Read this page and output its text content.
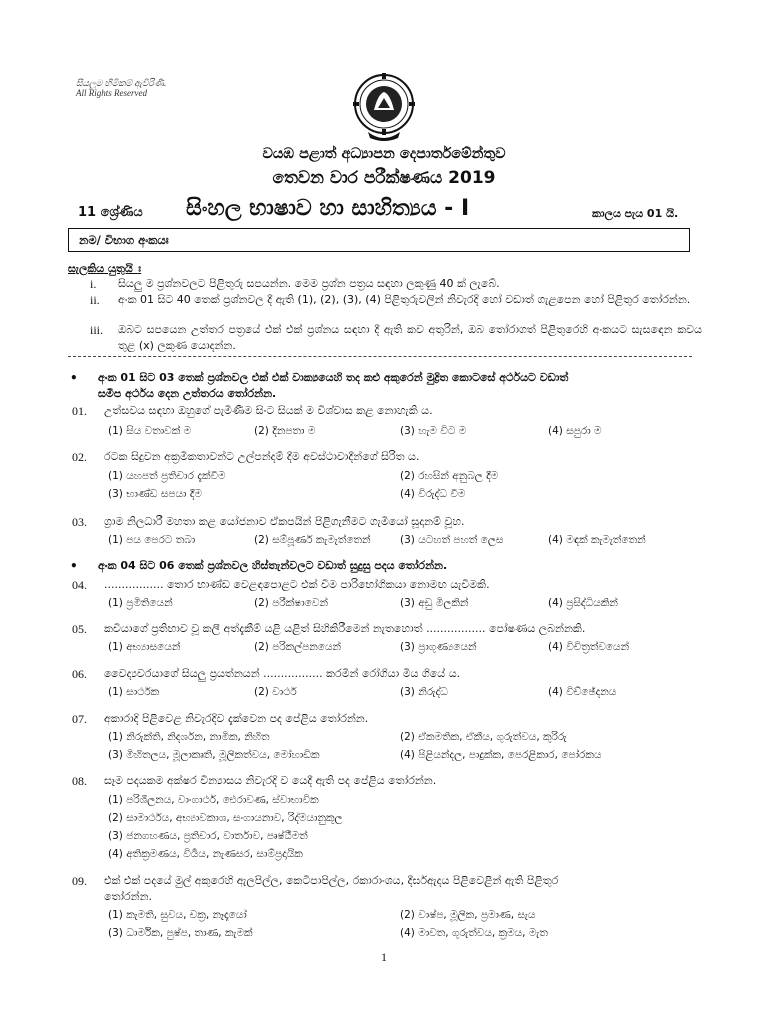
සියලුම හිමිකම් ඇවිරිණි.
All Rights Reserved
වයඹ පළාත් අධ්‍යාපන දෙපාර්තමේන්තුව
තෙවන වාර පරීක්ෂණය 2019
11 ශ්‍රේණිය සිංහල භාෂාව හා සාහිත්‍යය - I	කාලය පැය 01 යි.
නම/ විභාග අංකයඃ
සැලකිය යුතුයි ඃ
i.	සියලු ම ප්‍රශ්නවලට පිළිතුරු සපයන්න. මෙම ප්‍රශ්න පත්‍රය සඳහා ලකුණු 40 ක් ලැබේ.
ii.	අංක 01 සිට 40 තෙක් ප්‍රශ්නවල දී ඇති (1), (2), (3), (4) පිළිතුරුවලින් නිවැරදි හෝ වඩාත් ගැළපෙන හෝ පිළිතුර තෝරන්න.
iii.	ඔබට සපයෙන උත්තර පත්‍රයේ එක් එක් ප්‍රශ්නය සඳහා දී ඇති කව අතුරින්, ඔබ තෝරාගත් පිළිතුරෙහි අංකයට සැසඳෙන කවය තුළ (x) ලකුණ යොදන්න.
• අංක 01 සිට 03 තෙක් ප්‍රශ්නවල එක් එක් වාක්‍යයෙහි තද කළු අකුරෙන් මුද්‍රිත කොටසේ අර්ථයට වඩාත්
සමීප අර්ථය දෙන උත්තරය තෝරන්න.
01. උත්සවය සඳහා ඔහුගේ පැමිණීම සිංට සියක් ම විශ්වාස කළ නොහැකි ය.
(1) සිය වතාවක් ම	(2) දිනපතා ම	(3) හැම විට ම	(4) සපුරා ම
02. රටක සිදුවන අක්‍රමිකතාවන්ට උල්පන්දම් දීම අවස්ථාවාදීන්ගේ සිරිත ය.
(1) යහපත් ප්‍රතිචාර දැක්වීම	(2) රහසින් අනුබල දීම
(3) භාණ්ඩ සපයා දීම	(4) විරුද්ධ වීම
03. ග්‍රාම නිලධාරී මහතා කළ යෝජනාව ඒකපයින් පිළිගැනීමට ගැමියෝ සූදානම් වූහ.
(1) පය පෙරට තබා	(2) සම්පූර්ණ කැමැත්තෙන්	(3) යටහත් පහත් ලෙස	(4) මඳක් කැමැත්තෙන්
• අංක 04 සිට 06 තෙක් ප්‍රශ්නවල හිස්තැන්වලට වඩාත් සුදුසු පදය තෝරන්න.
04. ................. තොර භාණ්ඩ වෙළඳපොළට එක් වීම පාරිභෝගිකයා නොමඟ යැවීමකි.
(1) ප්‍රමිතියෙන්	(2) පරීක්ෂාවෙන්	(3) අඩු මිලකින්	(4) ප්‍රසිද්ධියකින්
05. කවියාගේ ප්‍රතිභාව වූ කලී අත්දැකීම් යළි යළිත් සිහිකිරීමෙන් නැතහොත් ................. පෝෂණය ලබන්නකි.
(1) අභ්‍යාසයෙන්	(2) පරිකල්පනයෙන්	(3) ප්‍රාගුණ්‍යයෙන්	(4) විචිත්‍රත්වයෙන්
06. වෛද්‍යවරයාගේ සියලු ප්‍රයත්නයන් ................. කරමින් රෝගියා මිය ගියේ ය.
(1) සාර්ථක	(2) වාර්ථ	(3) නිරුද්ධ	(4) විච්ඡේදනය
07. අකාරාදි පිළිවෙළ නිවැරදිව දැක්වෙන පද පේළිය තෝරන්න.
(1) නිරුක්ති, නිදර්ශන, නාමික, නිහිත	(2) ඒකමතික, ඒකීය, ගුරුත්වය, කුරිරු
(3) මිහිතලය, මූලාකෘති, මූලිකත්වය, මෝහාඩික	(4) පිළියන්දල, පාදුක්ක, පෙරළිකාර, පෝරකය
08. සෑම පදයකම අක්ෂර වින්‍යාසය නිවැරදි ව යෙදී ඇති පද පේළිය තෝරන්න.
(1) පරිශීලනය, වාංගාර්ථ, ඓරාවණ, ස්වාභාවික
(2) සාමාර්ථය, අභ්‍යාවකාශ, සංගායනාව, රිද්මයානුකූල
(3) ජනගහණය, ප්‍රතිචාර, වාර්තාව, පෘෂ්ඨීමත්
(4) අතික්‍රමණය, විර්‍යය, නැණසර, සාම්ප්‍රදායික
09. එක් එක් පදයේ මුල් අකුරෙහි ඇලපිල්ල, කෙටිපාපිල්ල, රකාරාංශය, දීර්ඝඇදය පිළිවෙළින් ඇති පිළිතුර
තෝරන්න.
(1) කැමති, සුවය, චක්‍ර, නෑදෑයෝ	(2) වාෂ්ප, මූලික, ප්‍රමාණ, සැය
(3) ධාර්මික, පුෂ්ප, තාණ, කැමක්	(4) මාවත, ගුරුත්වය, ක්‍රමය, මැත
1
